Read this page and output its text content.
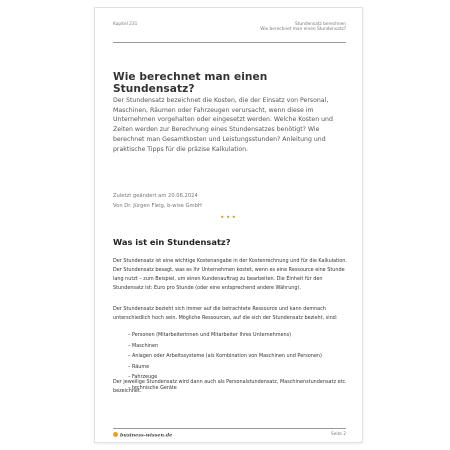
Kapitel 231	Stundensatz berechnen
Wie berechnet man einen Stundensatz?
Wie berechnet man einen Stundensatz?

Der Stundensatz bezeichnet die Kosten, die der Einsatz von Personal, Maschinen, Räumen oder Fahrzeugen verursacht, wenn diese im Unternehmen vorgehalten oder eingesetzt werden. Welche Kosten und Zeiten werden zur Berechnung eines Stundensatzes benötigt? Wie berechnet man Gesamtkosten und Leistungsstunden? Anleitung und praktische Tipps für die präzise Kalkulation.

Zuletzt geändert am 20.06.2024
Von Dr. Jürgen Fleig, b-wise GmbH
•••
Was ist ein Stundensatz?

Der Stundensatz ist eine wichtige Kostenangabe in der Kostenrechnung und für die Kalkulation. Der Stundensatz besagt, was es Ihr Unternehmen kostet, wenn es eine Ressource eine Stunde lang nutzt – zum Beispiel, um einen Kundenauftrag zu bearbeiten. Die Einheit für den Stundensatz ist: Euro pro Stunde (oder eine entsprechend andere Währung).

Der Stundensatz bezieht sich immer auf die betrachtete Ressource und kann demnach unterschiedlich hoch sein. Mögliche Ressourcen, auf die sich der Stundensatz bezieht, sind:

– Personen (Mitarbeiterinnen und Mitarbeiter Ihres Unternehmens)
– Maschinen
– Anlagen oder Arbeitssysteme (als Kombination von Maschinen und Personen)
– Räume
– Fahrzeuge
– technische Geräte

Der jeweilige Stundensatz wird dann auch als Personalstundensatz, Maschinenstundensatz etc. bezeichnet.

business-wissen.de	Seite 2
